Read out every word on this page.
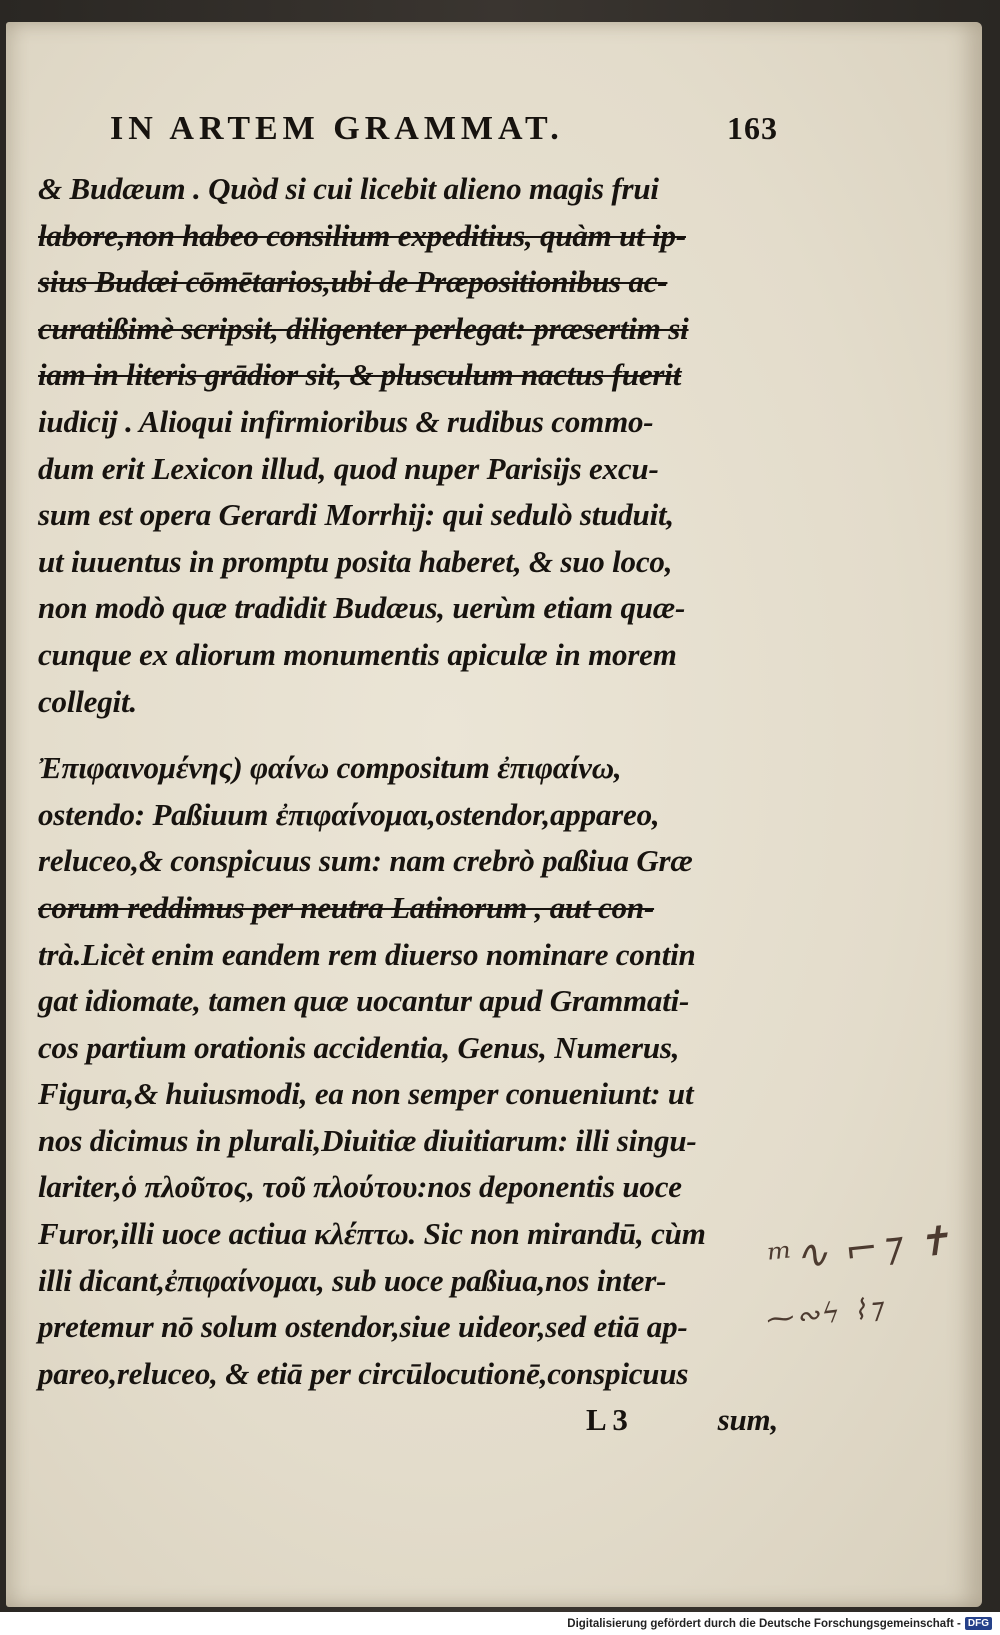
IN ARTEM GRAMMAT.	163
& Budæum . Quòd si cui licebit alieno magis frui
labore,non habeo consilium expeditius, quàm ut ip-
sius Budæi cōmētarios,ubi de Præpositionibus ac-
curatißimè scripsit, diligenter perlegat: præsertim si
iam in literis grādior sit, & plusculum nactus fuerit
iudicij . Alioqui infirmioribus & rudibus commo-
dum erit Lexicon illud, quod nuper Parisijs excu-
sum est opera Gerardi Morrhij: qui sedulò studuit,
ut iuuentus in promptu posita haberet, & suo loco,
non modò quæ tradidit Budæus, uerùm etiam quæ-
cunque ex aliorum monumentis apiculæ in morem
collegit.
Ἐπιφαινομένης) φαίνω compositum ἐπιφαίνω,
ostendo: Paßiuum ἐπιφαίνομαι,ostendor,appareo,
reluceo,& conspicuus sum: nam crebrò paßiua Græ
corum reddimus per neutra Latinorum , aut con-
trà.Licèt enim eandem rem diuerso nominare contin
gat idiomate, tamen quæ uocantur apud Grammati-
cos partium orationis accidentia, Genus, Numerus,
Figura,& huiusmodi, ea non semper conueniunt: ut
nos dicimus in plurali,Diuitiæ diuitiarum: illi singu-
lariter,ὁ πλοῦτος, τοῦ πλούτου:nos deponentis uoce
Furor,illi uoce actiua κλέπτω. Sic non mirandū, cùm
illi dicant,ἐπιφαίνομαι, sub uoce paßiua,nos inter-
pretemur nō solum ostendor,siue uideor,sed etiā ap-
pareo,reluceo, & etiā per circūlocutionē,conspicuus
L 3	sum,
ᵐ∿ ⌐⁊ ✝
⁓∾ϟ ⌇⁊
Digitalisierung gefördert durch die Deutsche Forschungsgemeinschaft - DFG
